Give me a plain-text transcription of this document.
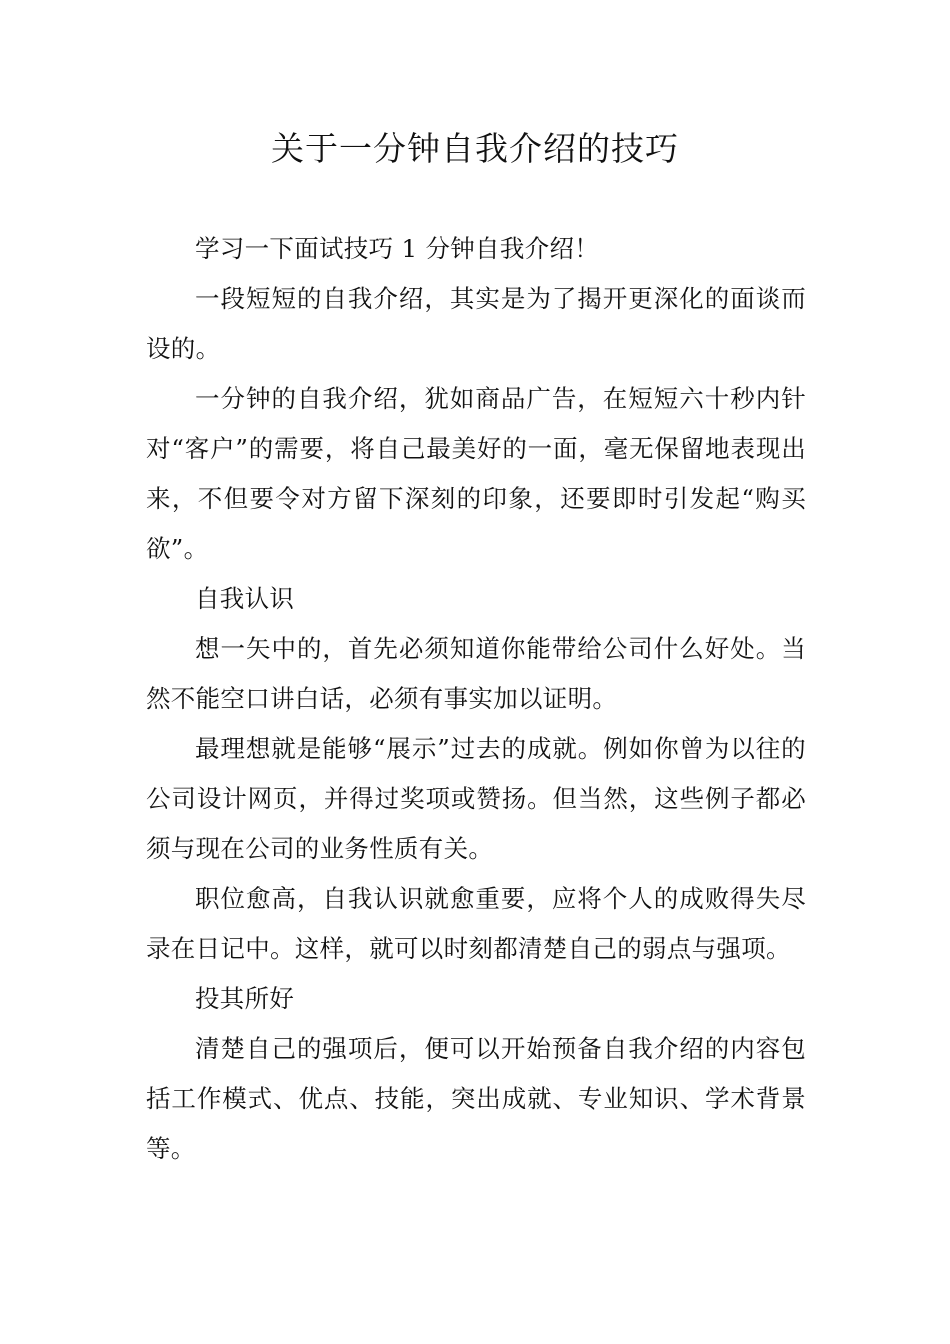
关于一分钟自我介绍的技巧

学习一下面试技巧 1 分钟自我介绍！

一段短短的自我介绍，其实是为了揭开更深化的面谈而设的。

一分钟的自我介绍，犹如商品广告，在短短六十秒内针对“客户”的需要，将自己最美好的一面，毫无保留地表现出来，不但要令对方留下深刻的印象，还要即时引发起“购买欲”。

自我认识

想一矢中的，首先必须知道你能带给公司什么好处。当然不能空口讲白话，必须有事实加以证明。

最理想就是能够“展示”过去的成就。例如你曾为以往的公司设计网页，并得过奖项或赞扬。但当然，这些例子都必须与现在公司的业务性质有关。

职位愈高，自我认识就愈重要，应将个人的成败得失尽录在日记中。这样，就可以时刻都清楚自己的弱点与强项。

投其所好

清楚自己的强项后，便可以开始预备自我介绍的内容包括工作模式、优点、技能，突出成就、专业知识、学术背景等。
